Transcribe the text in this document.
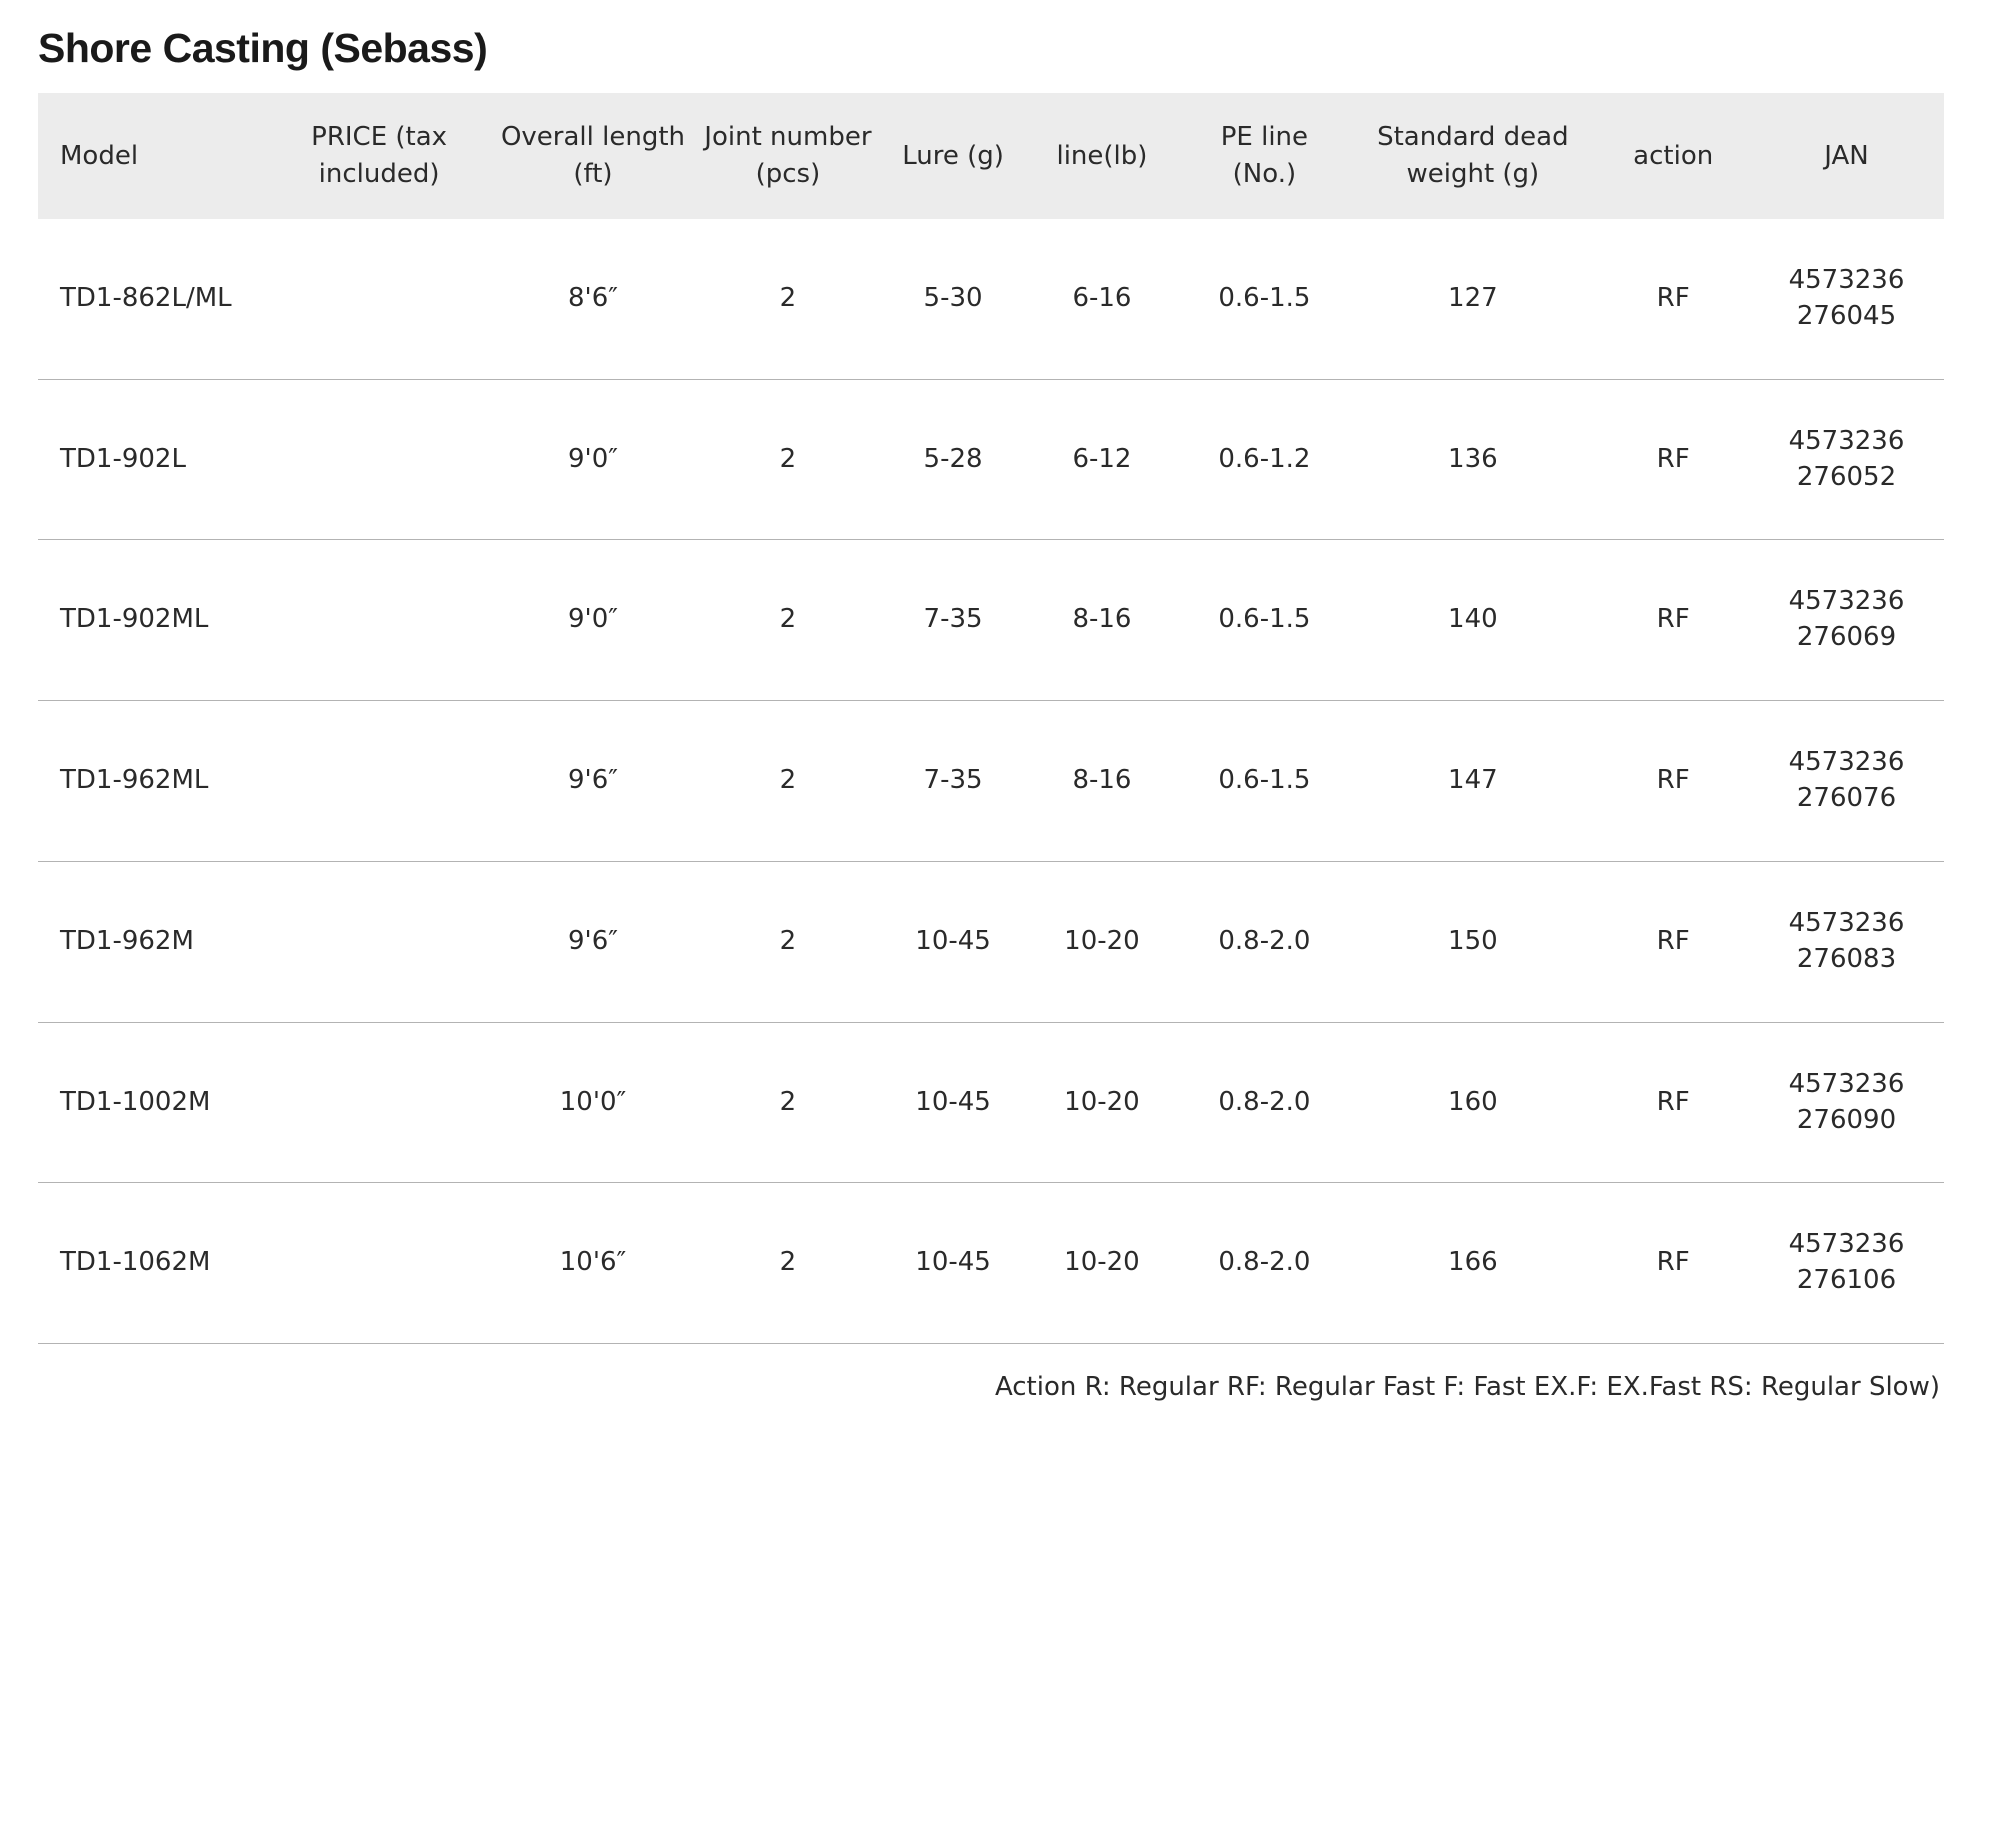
Shore Casting (Sebass)
Model	PRICE (tax included)	Overall length (ft)	Joint number (pcs)	Lure (g)	line(lb)	PE line (No.)	Standard dead weight (g)	action	JAN
TD1-862L/ML		8'6″	2	5-30	6-16	0.6-1.5	127	RF	4573236 276045
TD1-902L		9'0″	2	5-28	6-12	0.6-1.2	136	RF	4573236 276052
TD1-902ML		9'0″	2	7-35	8-16	0.6-1.5	140	RF	4573236 276069
TD1-962ML		9'6″	2	7-35	8-16	0.6-1.5	147	RF	4573236 276076
TD1-962M		9'6″	2	10-45	10-20	0.8-2.0	150	RF	4573236 276083
TD1-1002M		10'0″	2	10-45	10-20	0.8-2.0	160	RF	4573236 276090
TD1-1062M		10'6″	2	10-45	10-20	0.8-2.0	166	RF	4573236 276106
Action R: Regular RF: Regular Fast F: Fast EX.F: EX.Fast RS: Regular Slow)
